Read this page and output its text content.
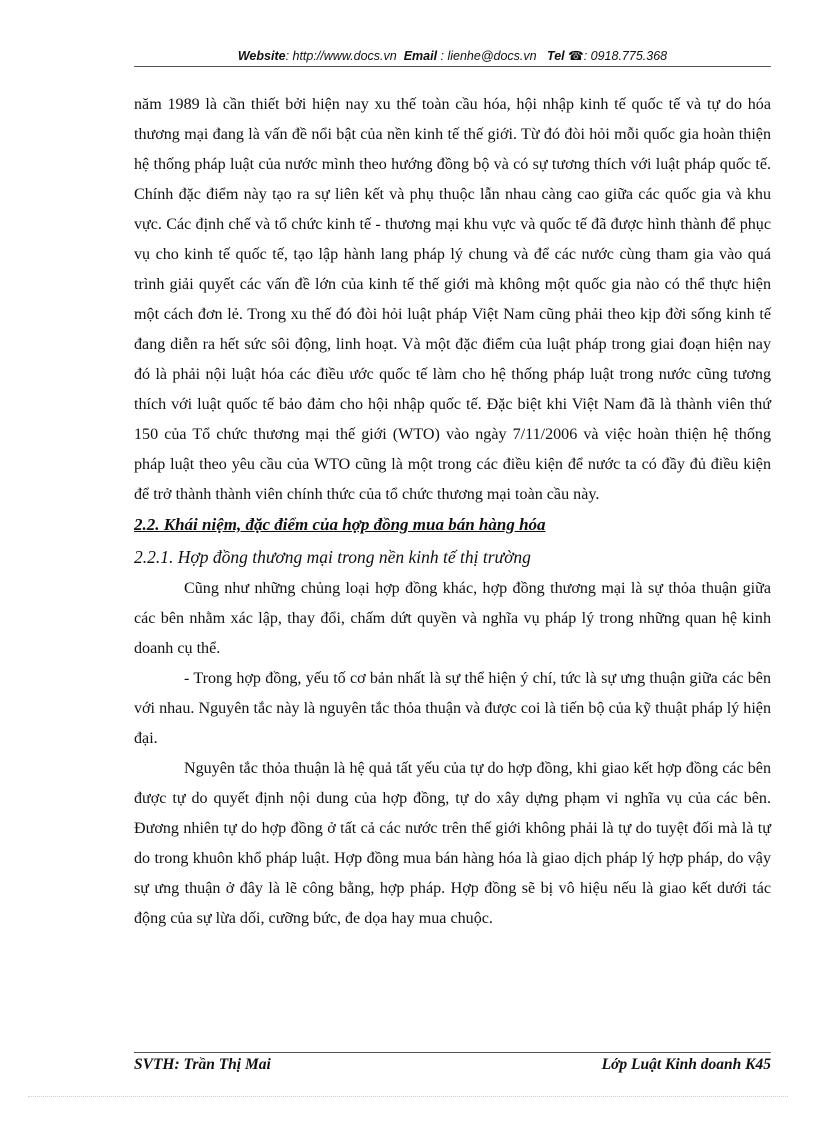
Website: http://www.docs.vn Email : lienhe@docs.vn Tel ☎: 0918.775.368

năm 1989 là cần thiết bởi hiện nay xu thế toàn cầu hóa, hội nhập kinh tế quốc tế và tự do hóa thương mại đang là vấn đề nổi bật của nền kinh tế thế giới. Từ đó đòi hỏi mỗi quốc gia hoàn thiện hệ thống pháp luật của nước mình theo hướng đồng bộ và có sự tương thích với luật pháp quốc tế. Chính đặc điểm này tạo ra sự liên kết và phụ thuộc lẫn nhau càng cao giữa các quốc gia và khu vực. Các định chế và tổ chức kinh tế - thương mại khu vực và quốc tế đã được hình thành để phục vụ cho kinh tế quốc tế, tạo lập hành lang pháp lý chung và để các nước cùng tham gia vào quá trình giải quyết các vấn đề lớn của kinh tế thế giới mà không một quốc gia nào có thể thực hiện một cách đơn lẻ. Trong xu thế đó đòi hỏi luật pháp Việt Nam cũng phải theo kịp đời sống kinh tế đang diễn ra hết sức sôi động, linh hoạt. Và một đặc điểm của luật pháp trong giai đoạn hiện nay đó là phải nội luật hóa các điều ước quốc tế làm cho hệ thống pháp luật trong nước cũng tương thích với luật quốc tế bảo đảm cho hội nhập quốc tế. Đặc biệt khi Việt Nam đã là thành viên thứ 150 của Tổ chức thương mại thế giới (WTO) vào ngày 7/11/2006 và việc hoàn thiện hệ thống pháp luật theo yêu cầu của WTO cũng là một trong các điều kiện để nước ta có đầy đủ điều kiện để trở thành thành viên chính thức của tổ chức thương mại toàn cầu này.

2.2. Khái niệm, đặc điểm của hợp đồng mua bán hàng hóa

2.2.1. Hợp đồng thương mại trong nền kinh tế thị trường

Cũng như những chủng loại hợp đồng khác, hợp đồng thương mại là sự thỏa thuận giữa các bên nhằm xác lập, thay đổi, chấm dứt quyền và nghĩa vụ pháp lý trong những quan hệ kinh doanh cụ thể.

- Trong hợp đồng, yếu tố cơ bản nhất là sự thể hiện ý chí, tức là sự ưng thuận giữa các bên với nhau. Nguyên tắc này là nguyên tắc thỏa thuận và được coi là tiến bộ của kỹ thuật pháp lý hiện đại.

Nguyên tắc thỏa thuận là hệ quả tất yếu của tự do hợp đồng, khi giao kết hợp đồng các bên được tự do quyết định nội dung của hợp đồng, tự do xây dựng phạm vi nghĩa vụ của các bên. Đương nhiên tự do hợp đồng ở tất cả các nước trên thế giới không phải là tự do tuyệt đối mà là tự do trong khuôn khổ pháp luật. Hợp đồng mua bán hàng hóa là giao dịch pháp lý hợp pháp, do vậy sự ưng thuận ở đây là lẽ công bằng, hợp pháp. Hợp đồng sẽ bị vô hiệu nếu là giao kết dưới tác động của sự lừa dối, cưỡng bức, đe dọa hay mua chuộc.

SVTH: Trần Thị Mai	Lớp Luật Kinh doanh K45
